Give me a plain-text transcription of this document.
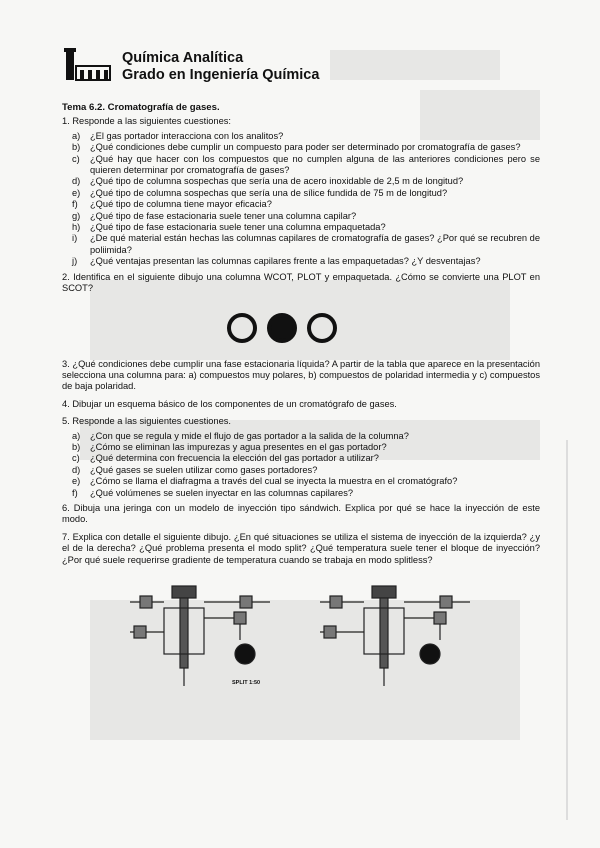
Química Analítica
Grado en Ingeniería Química
Tema 6.2. Cromatografía de gases.
1. Responde a las siguientes cuestiones:
a)	¿El gas portador interacciona con los analitos?
b)	¿Qué condiciones debe cumplir un compuesto para poder ser determinado por cromatografía de gases?
c)	¿Qué hay que hacer con los compuestos que no cumplen alguna de las anteriores condiciones pero se quieren determinar por cromatografía de gases?
d)	¿Qué tipo de columna sospechas que sería una de acero inoxidable de 2,5 m de longitud?
e)	¿Qué tipo de columna sospechas que sería una de sílice fundida de 75 m de longitud?
f)	¿Qué tipo de columna tiene mayor eficacia?
g)	¿Qué tipo de fase estacionaria suele tener una columna capilar?
h)	¿Qué tipo de fase estacionaria suele tener una columna empaquetada?
i)	¿De qué material están hechas las columnas capilares de cromatografía de gases? ¿Por qué se recubren de poliimida?
j)	¿Qué ventajas presentan las columnas capilares frente a las empaquetadas? ¿Y desventajas?
2. Identifica en el siguiente dibujo una columna WCOT, PLOT y empaquetada. ¿Cómo se convierte una PLOT en SCOT?
3. ¿Qué condiciones debe cumplir una fase estacionaria líquida? A partir de la tabla que aparece en la presentación selecciona una columna para: a) compuestos muy polares, b) compuestos de polaridad intermedia y c) compuestos de baja polaridad.
4. Dibujar un esquema básico de los componentes de un cromatógrafo de gases.
5. Responde a las siguientes cuestiones.
a)	¿Con que se regula y mide el flujo de gas portador a la salida de la columna?
b)	¿Cómo se eliminan las impurezas y agua presentes en el gas portador?
c)	¿Qué determina con frecuencia la elección del gas portador a utilizar?
d)	¿Qué gases se suelen utilizar como gases portadores?
e)	¿Cómo se llama el diafragma a través del cual se inyecta la muestra en el cromatógrafo?
f)	¿Qué volúmenes se suelen inyectar en las columnas capilares?
6. Dibuja una jeringa con un modelo de inyección tipo sándwich. Explica por qué se hace la inyección de este modo.
7. Explica con detalle el siguiente dibujo. ¿En qué situaciones se utiliza el sistema de inyección de la izquierda? ¿y el de la derecha? ¿Qué problema presenta el modo split? ¿Qué temperatura suele tener el bloque de inyección? ¿Por qué suele requerirse gradiente de temperatura cuando se trabaja en modo splitless?
SPLIT 1:50
